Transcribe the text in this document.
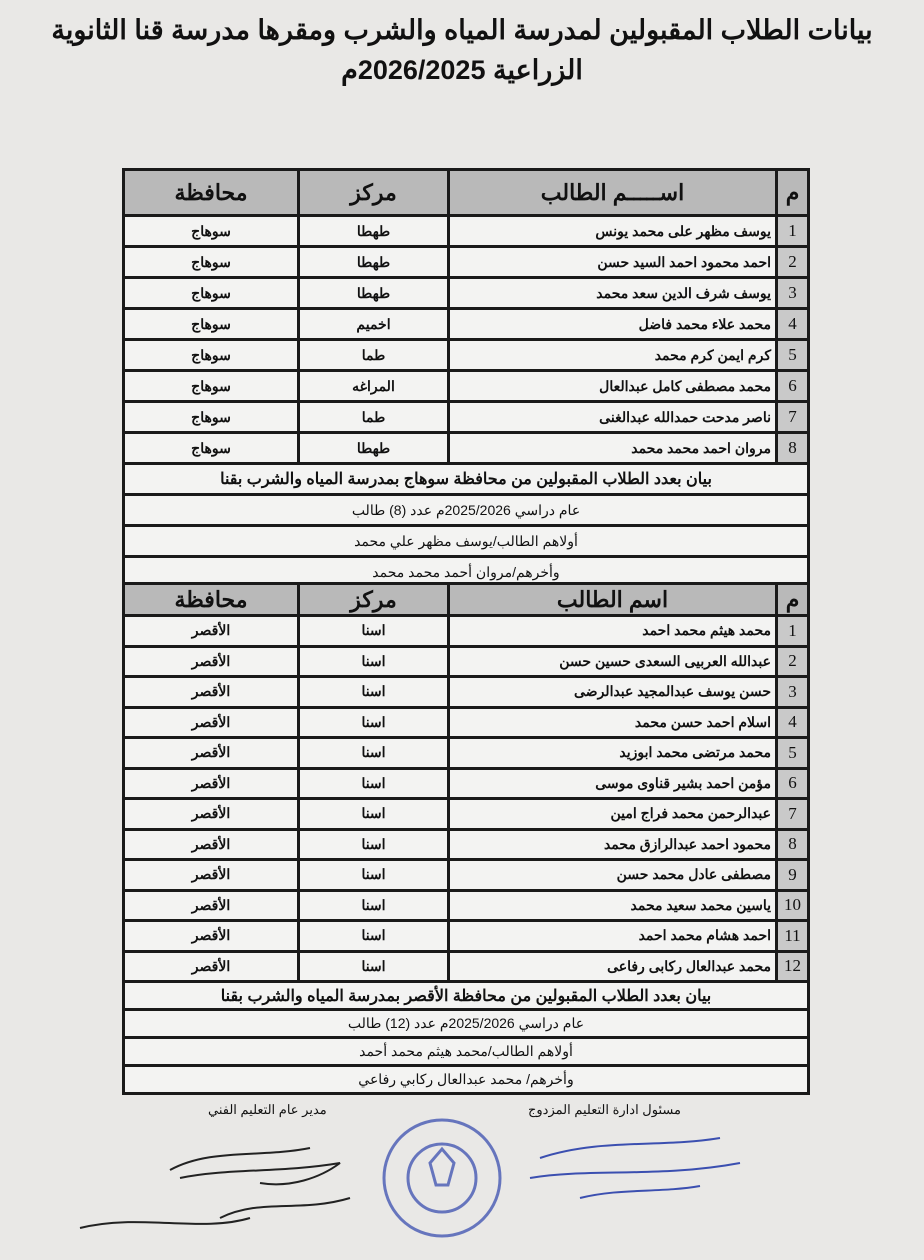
بيانات الطلاب المقبولين لمدرسة المياه والشرب ومقرها مدرسة قنا الثانوية
الزراعية 2026/2025م
م	اســـــم الطالب	مركز	محافظة
1	يوسف مظهر على محمد يونس	طهطا	سوهاج
2	احمد محمود احمد السيد حسن	طهطا	سوهاج
3	يوسف شرف الدين سعد محمد	طهطا	سوهاج
4	محمد علاء محمد فاضل	اخميم	سوهاج
5	كرم ايمن كرم محمد	طما	سوهاج
6	محمد مصطفى كامل عبدالعال	المراغه	سوهاج
7	ناصر مدحت حمدالله عبدالغنى	طما	سوهاج
8	مروان احمد محمد محمد	طهطا	سوهاج
بيان بعدد الطلاب المقبولين من محافظة سوهاج بمدرسة المياه والشرب بقنا			
عام دراسي 2025/2026م عدد (8) طالب			
أولاهم الطالب/يوسف مظهر علي محمد			
وأخرهم/مروان أحمد محمد محمد			
م	اسم الطالب	مركز	محافظة
1	محمد هيثم محمد احمد	اسنا	الأقصر
2	عبدالله العربيى السعدى حسين حسن	اسنا	الأقصر
3	حسن يوسف عبدالمجيد عبدالرضى	اسنا	الأقصر
4	اسلام احمد حسن محمد	اسنا	الأقصر
5	محمد مرتضى محمد ابوزيد	اسنا	الأقصر
6	مؤمن احمد بشير قناوى موسى	اسنا	الأقصر
7	عبدالرحمن محمد فراج امين	اسنا	الأقصر
8	محمود احمد عبدالرازق محمد	اسنا	الأقصر
9	مصطفى عادل محمد حسن	اسنا	الأقصر
10	ياسين محمد سعيد محمد	اسنا	الأقصر
11	احمد هشام محمد احمد	اسنا	الأقصر
12	محمد عبدالعال ركابى رفاعى	اسنا	الأقصر
بيان بعدد الطلاب المقبولين من محافظة الأقصر بمدرسة المياه والشرب بقنا			
عام دراسي 2025/2026م عدد (12) طالب			
أولاهم الطالب/محمد هيثم محمد أحمد			
وأخرهم/ محمد عبدالعال ركابي رفاعي			
مدير عام التعليم الفني	مسئول ادارة التعليم المزدوج
